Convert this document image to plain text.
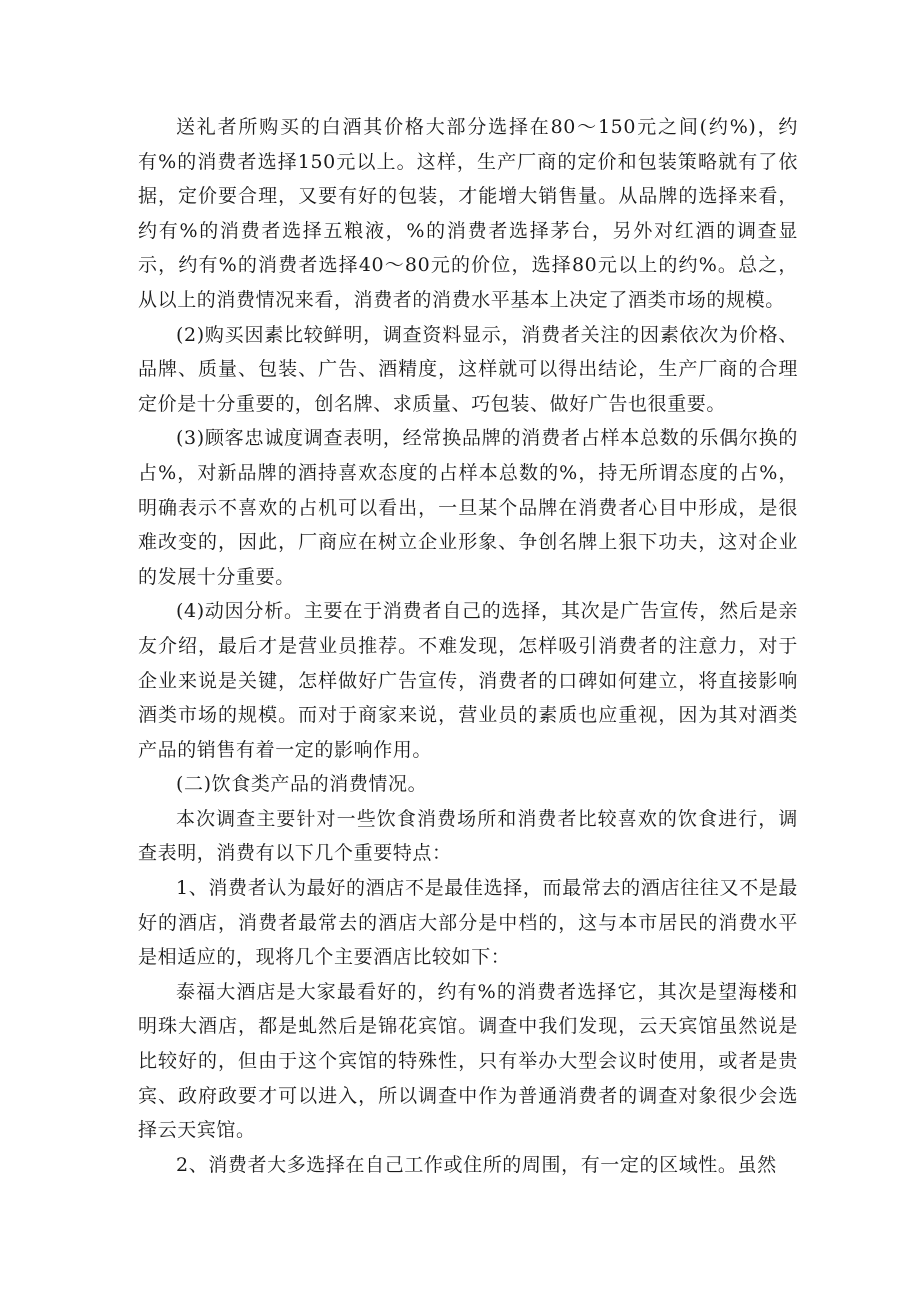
送礼者所购买的白酒其价格大部分选择在80～150元之间(约%)，约有%的消费者选择150元以上。这样，生产厂商的定价和包装策略就有了依据，定价要合理，又要有好的包装，才能增大销售量。从品牌的选择来看，约有%的消费者选择五粮液，%的消费者选择茅台，另外对红酒的调查显示，约有%的消费者选择40～80元的价位，选择80元以上的约%。总之，从以上的消费情况来看，消费者的消费水平基本上决定了酒类市场的规模。

(2)购买因素比较鲜明，调查资料显示，消费者关注的因素依次为价格、品牌、质量、包装、广告、酒精度，这样就可以得出结论，生产厂商的合理定价是十分重要的，创名牌、求质量、巧包装、做好广告也很重要。

(3)顾客忠诚度调查表明，经常换品牌的消费者占样本总数的乐偶尔换的占%，对新品牌的酒持喜欢态度的占样本总数的%，持无所谓态度的占%，明确表示不喜欢的占机可以看出，一旦某个品牌在消费者心目中形成，是很难改变的，因此，厂商应在树立企业形象、争创名牌上狠下功夫，这对企业的发展十分重要。

(4)动因分析。主要在于消费者自己的选择，其次是广告宣传，然后是亲友介绍，最后才是营业员推荐。不难发现，怎样吸引消费者的注意力，对于企业来说是关键，怎样做好广告宣传，消费者的口碑如何建立，将直接影响酒类市场的规模。而对于商家来说，营业员的素质也应重视，因为其对酒类产品的销售有着一定的影响作用。

(二)饮食类产品的消费情况。

本次调查主要针对一些饮食消费场所和消费者比较喜欢的饮食进行，调查表明，消费有以下几个重要特点：

1、消费者认为最好的酒店不是最佳选择，而最常去的酒店往往又不是最好的酒店，消费者最常去的酒店大部分是中档的，这与本市居民的消费水平是相适应的，现将几个主要酒店比较如下：

泰福大酒店是大家最看好的，约有%的消费者选择它，其次是望海楼和明珠大酒店，都是虬然后是锦花宾馆。调查中我们发现，云天宾馆虽然说是比较好的，但由于这个宾馆的特殊性，只有举办大型会议时使用，或者是贵宾、政府政要才可以进入，所以调查中作为普通消费者的调查对象很少会选择云天宾馆。

2、消费者大多选择在自己工作或住所的周围，有一定的区域性。虽然
